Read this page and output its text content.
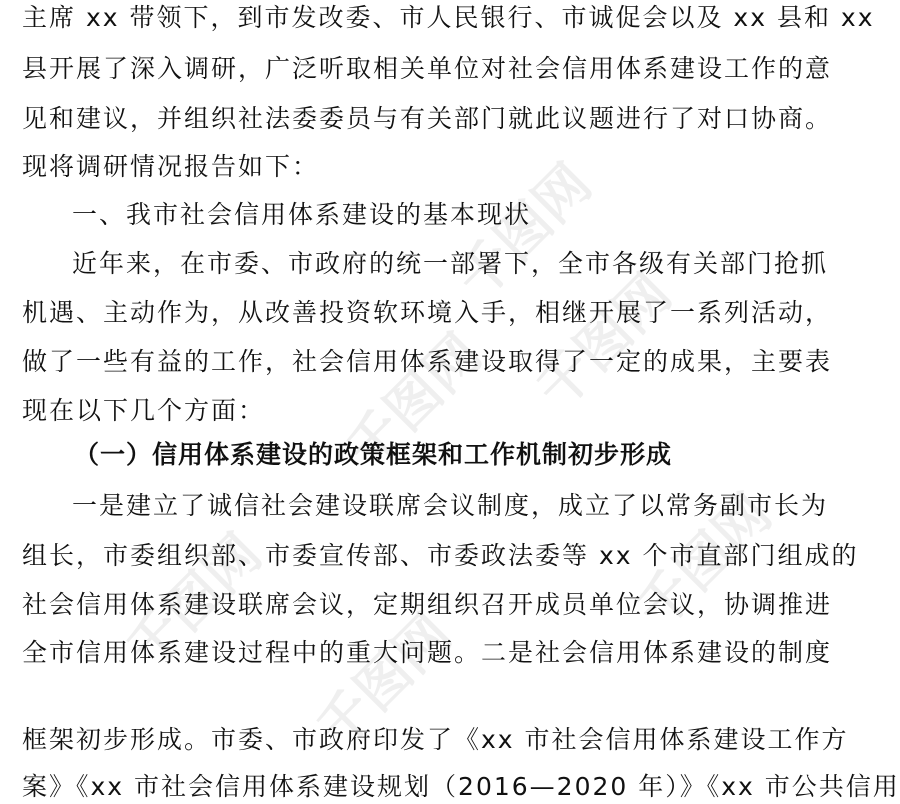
千图网
千图网
千图网
千图网	千图网
千图网
主席 xx 带领下，到市发改委、市人民银行、市诚促会以及 xx 县和 xx
县开展了深入调研，广泛听取相关单位对社会信用体系建设工作的意
见和建议，并组织社法委委员与有关部门就此议题进行了对口协商。
现将调研情况报告如下：
一、我市社会信用体系建设的基本现状
近年来，在市委、市政府的统一部署下，全市各级有关部门抢抓
机遇、主动作为，从改善投资软环境入手，相继开展了一系列活动，
做了一些有益的工作，社会信用体系建设取得了一定的成果，主要表
现在以下几个方面：
（一）信用体系建设的政策框架和工作机制初步形成
一是建立了诚信社会建设联席会议制度，成立了以常务副市长为
组长，市委组织部、市委宣传部、市委政法委等 xx 个市直部门组成的
社会信用体系建设联席会议，定期组织召开成员单位会议，协调推进
全市信用体系建设过程中的重大问题。二是社会信用体系建设的制度
框架初步形成。市委、市政府印发了《xx 市社会信用体系建设工作方
案》《xx 市社会信用体系建设规划（2016—2020 年）》《xx 市公共信用
